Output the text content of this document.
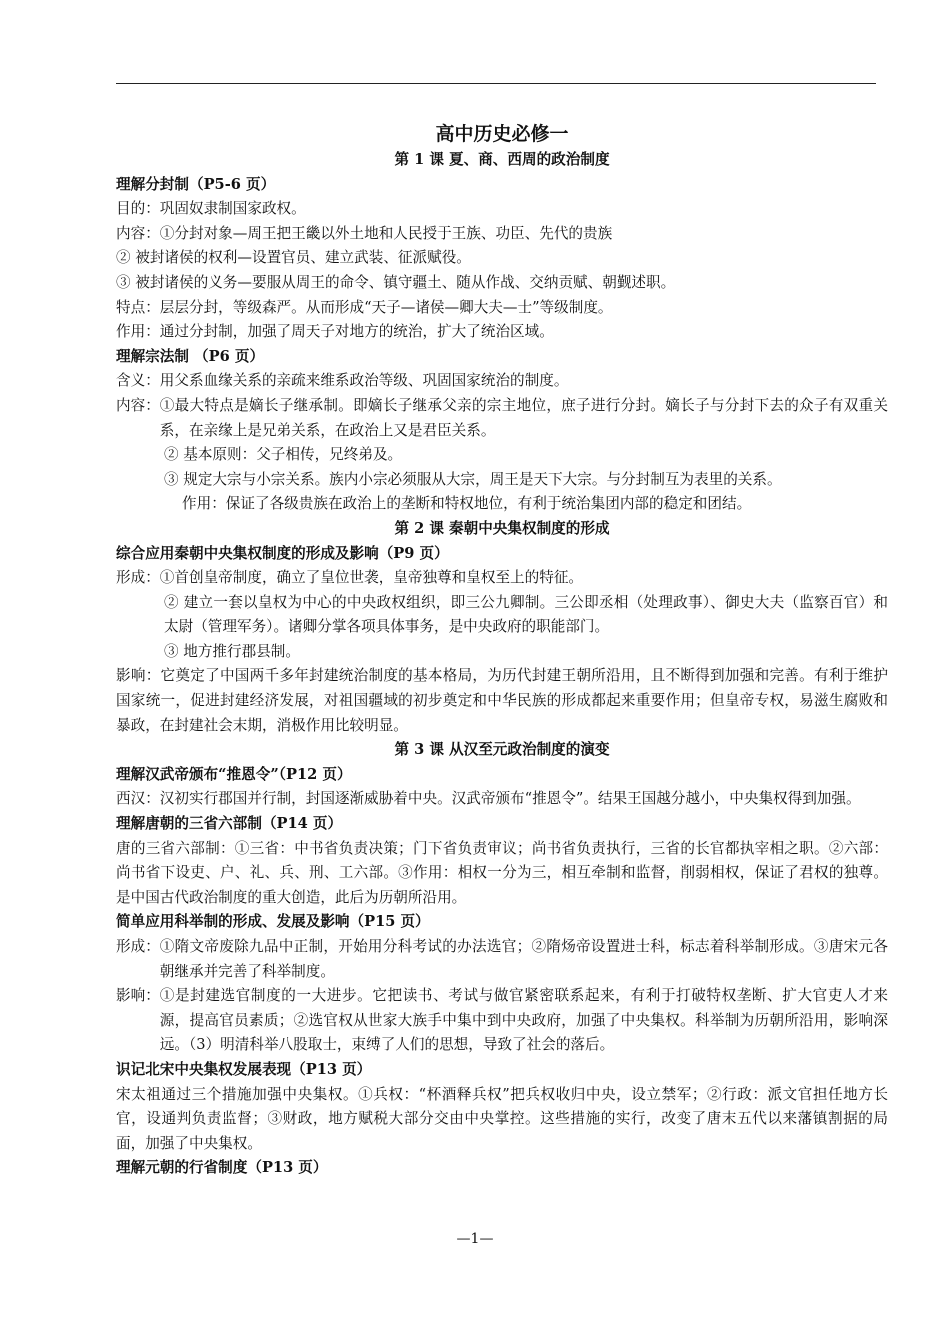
高中历史必修一
第 1 课 夏、商、西周的政治制度
理解分封制（P5-6 页）
目的：巩固奴隶制国家政权。
内容：①分封对象—周王把王畿以外土地和人民授于王族、功臣、先代的贵族
② 被封诸侯的权利—设置官员、建立武装、征派赋役。
③ 被封诸侯的义务—要服从周王的命令、镇守疆土、随从作战、交纳贡赋、朝觐述职。
特点：层层分封，等级森严。从而形成“天子—诸侯—卿大夫—士”等级制度。
作用：通过分封制，加强了周天子对地方的统治，扩大了统治区域。
理解宗法制 （P6 页）
含义：用父系血缘关系的亲疏来维系政治等级、巩固国家统治的制度。
内容： ①最大特点是嫡长子继承制。即嫡长子继承父亲的宗主地位，庶子进行分封。嫡长子与分封下去的众子有双重关系，在亲缘上是兄弟关系，在政治上又是君臣关系。
② 基本原则：父子相传，兄终弟及。
③ 规定大宗与小宗关系。族内小宗必须服从大宗，周王是天下大宗。与分封制互为表里的关系。
作用：保证了各级贵族在政治上的垄断和特权地位，有利于统治集团内部的稳定和团结。
第 2 课 秦朝中央集权制度的形成
综合应用秦朝中央集权制度的形成及影响（P9 页）
形成： ①首创皇帝制度，确立了皇位世袭，皇帝独尊和皇权至上的特征。
② 建立一套以皇权为中心的中央政权组织，即三公九卿制。三公即丞相（处理政事）、御史大夫（监察百官）和太尉（管理军务）。诸卿分掌各项具体事务，是中央政府的职能部门。
③ 地方推行郡县制。
影响：它奠定了中国两千多年封建统治制度的基本格局，为历代封建王朝所沿用，且不断得到加强和完善。有利于维护国家统一，促进封建经济发展，对祖国疆域的初步奠定和中华民族的形成都起来重要作用；但皇帝专权，易滋生腐败和暴政，在封建社会末期，消极作用比较明显。
第 3 课 从汉至元政治制度的演变
理解汉武帝颁布“推恩令”（P12 页）
西汉：汉初实行郡国并行制，封国逐渐威胁着中央。汉武帝颁布“推恩令”。结果王国越分越小，中央集权得到加强。
理解唐朝的三省六部制（P14 页）
唐的三省六部制：①三省：中书省负责决策；门下省负责审议；尚书省负责执行，三省的长官都执宰相之职。②六部：尚书省下设吏、户、礼、兵、刑、工六部。③作用：相权一分为三，相互牵制和监督，削弱相权，保证了君权的独尊。是中国古代政治制度的重大创造，此后为历朝所沿用。
简单应用科举制的形成、发展及影响（P15 页）
形成： ①隋文帝废除九品中正制，开始用分科考试的办法选官；②隋炀帝设置进士科，标志着科举制形成。③唐宋元各朝继承并完善了科举制度。
影响： ①是封建选官制度的一大进步。它把读书、考试与做官紧密联系起来，有利于打破特权垄断、扩大官吏人才来源，提高官员素质；②选官权从世家大族手中集中到中央政府，加强了中央集权。科举制为历朝所沿用，影响深远。（3）明清科举八股取士，束缚了人们的思想，导致了社会的落后。
识记北宋中央集权发展表现（P13 页）
宋太祖通过三个措施加强中央集权。①兵权：“杯酒释兵权”把兵权收归中央，设立禁军；②行政：派文官担任地方长官，设通判负责监督；③财政，地方赋税大部分交由中央掌控。这些措施的实行，改变了唐末五代以来藩镇割据的局面，加强了中央集权。
理解元朝的行省制度（P13 页）
—1—
